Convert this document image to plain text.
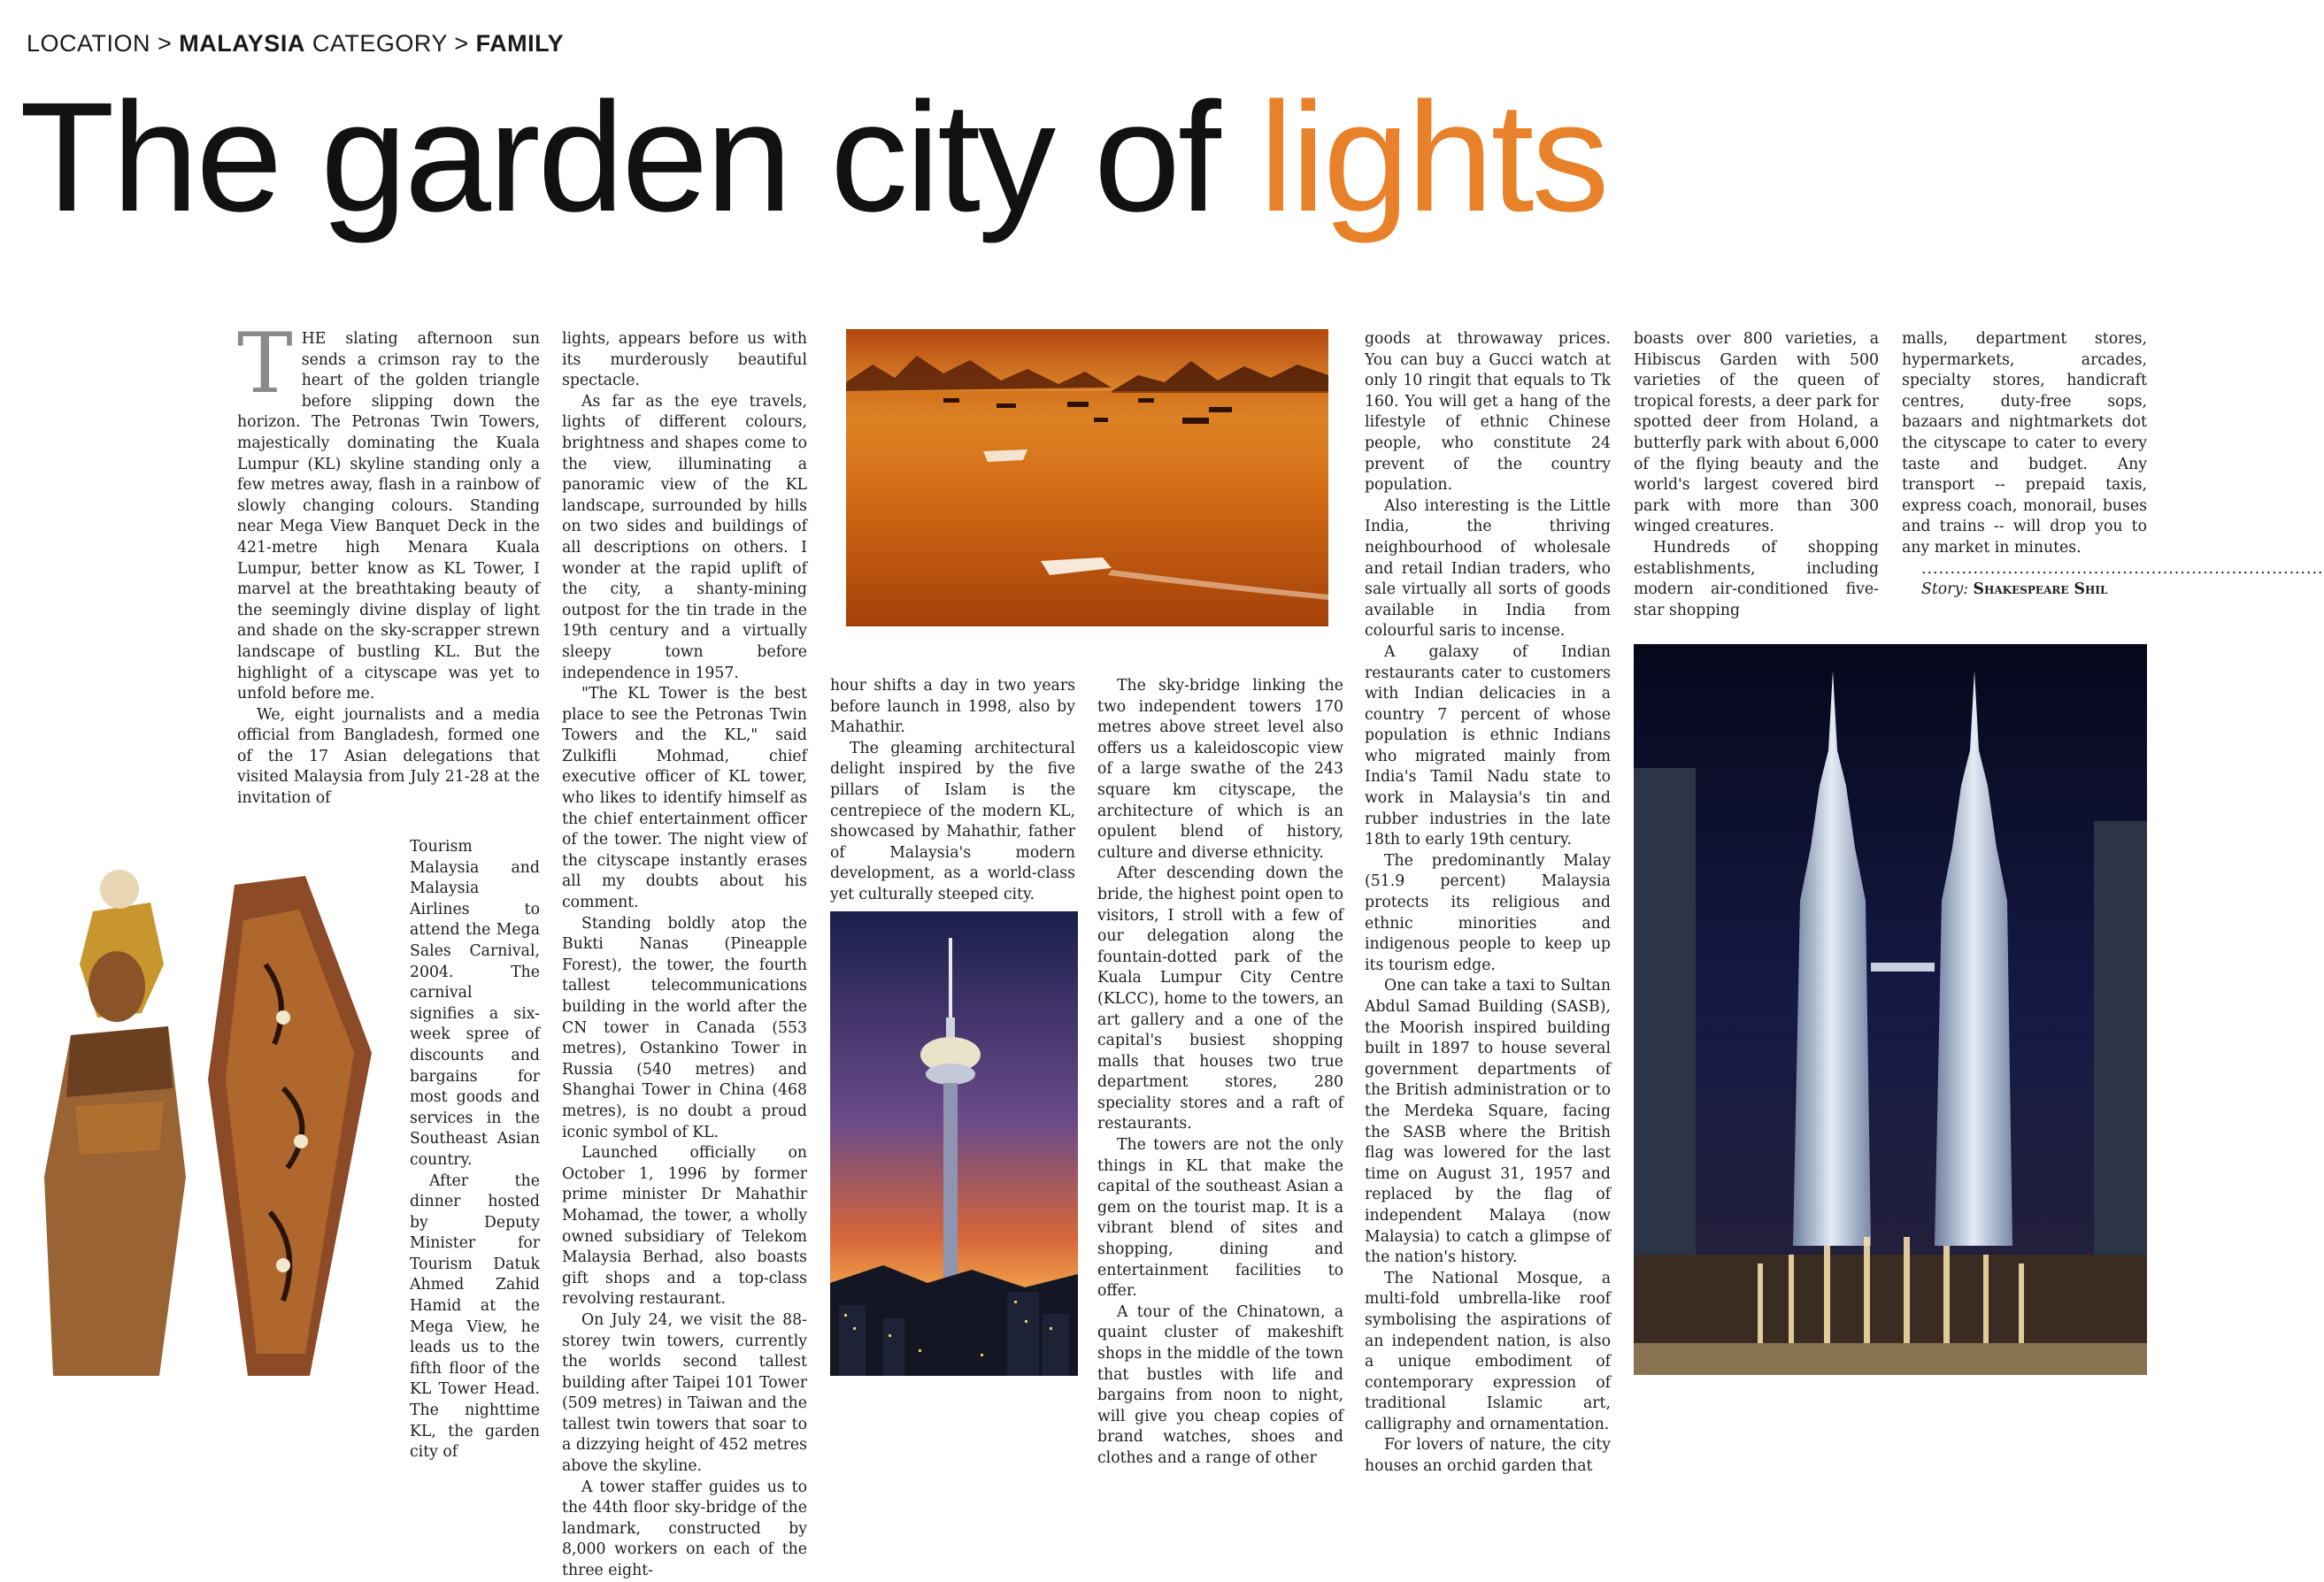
LOCATION > MALAYSIA CATEGORY > FAMILY
The garden city of lights

THE slating afternoon sun sends a crimson ray to the heart of the golden triangle before slipping down the horizon. The Petronas Twin Towers, majestically dominating the Kuala Lumpur (KL) skyline standing only a few metres away, flash in a rainbow of slowly changing colours. Standing near Mega View Banquet Deck in the 421-metre high Menara Kuala Lumpur, better know as KL Tower, I marvel at the breathtaking beauty of the seemingly divine display of light and shade on the sky-scrapper strewn landscape of bustling KL. But the highlight of a cityscape was yet to unfold before me.

We, eight journalists and a media official from Bangladesh, formed one of the 17 Asian delegations that visited Malaysia from July 21-28 at the invitation of

Tourism Malaysia and Malaysia Airlines to attend the Mega Sales Carnival, 2004. The carnival signifies a six-week spree of discounts and bargains for most goods and services in the Southeast Asian country.

After the dinner hosted by Deputy Minister for Tourism Datuk Ahmed Zahid Hamid at the Mega View, he leads us to the fifth floor of the KL Tower Head. The nighttime KL, the garden city of

lights, appears before us with its murderously beautiful spectacle.

As far as the eye travels, lights of different colours, brightness and shapes come to the view, illuminating a panoramic view of the KL landscape, surrounded by hills on two sides and buildings of all descriptions on others. I wonder at the rapid uplift of the city, a shanty-mining outpost for the tin trade in the 19th century and a virtually sleepy town before independence in 1957.

"The KL Tower is the best place to see the Petronas Twin Towers and the KL," said Zulkifli Mohmad, chief executive officer of KL tower, who likes to identify himself as the chief entertainment officer of the tower. The night view of the cityscape instantly erases all my doubts about his comment.

Standing boldly atop the Bukti Nanas (Pineapple Forest), the tower, the fourth tallest telecommunications building in the world after the CN tower in Canada (553 metres), Ostankino Tower in Russia (540 metres) and Shanghai Tower in China (468 metres), is no doubt a proud iconic symbol of KL.

Launched officially on October 1, 1996 by former prime minister Dr Mahathir Mohamad, the tower, a wholly owned subsidiary of Telekom Malaysia Berhad, also boasts gift shops and a top-class revolving restaurant.

On July 24, we visit the 88-storey twin towers, currently the worlds second tallest building after Taipei 101 Tower (509 metres) in Taiwan and the tallest twin towers that soar to a dizzying height of 452 metres above the skyline.

A tower staffer guides us to the 44th floor sky-bridge of the landmark, constructed by 8,000 workers on each of the three eight-

hour shifts a day in two years before launch in 1998, also by Mahathir.

The gleaming architectural delight inspired by the five pillars of Islam is the centrepiece of the modern KL, showcased by Mahathir, father of Malaysia's modern development, as a world-class yet culturally steeped city.

The sky-bridge linking the two independent towers 170 metres above street level also offers us a kaleidoscopic view of a large swathe of the 243 square km cityscape, the architecture of which is an opulent blend of history, culture and diverse ethnicity.

After descending down the bride, the highest point open to visitors, I stroll with a few of our delegation along the fountain-dotted park of the Kuala Lumpur City Centre (KLCC), home to the towers, an art gallery and a one of the capital's busiest shopping malls that houses two true department stores, 280 speciality stores and a raft of restaurants.

The towers are not the only things in KL that make the capital of the southeast Asian a gem on the tourist map. It is a vibrant blend of sites and shopping, dining and entertainment facilities to offer.

A tour of the Chinatown, a quaint cluster of makeshift shops in the middle of the town that bustles with life and bargains from noon to night, will give you cheap copies of brand watches, shoes and clothes and a range of other

goods at throwaway prices. You can buy a Gucci watch at only 10 ringit that equals to Tk 160. You will get a hang of the lifestyle of ethnic Chinese people, who constitute 24 prevent of the country population.

Also interesting is the Little India, the thriving neighbourhood of wholesale and retail Indian traders, who sale virtually all sorts of goods available in India from colourful saris to incense.

A galaxy of Indian restaurants cater to customers with Indian delicacies in a country 7 percent of whose population is ethnic Indians who migrated mainly from India's Tamil Nadu state to work in Malaysia's tin and rubber industries in the late 18th to early 19th century.

The predominantly Malay (51.9 percent) Malaysia protects its religious and ethnic minorities and indigenous people to keep up its tourism edge.

One can take a taxi to Sultan Abdul Samad Building (SASB), the Moorish inspired building built in 1897 to house several government departments of the British administration or to the Merdeka Square, facing the SASB where the British flag was lowered for the last time on August 31, 1957 and replaced by the flag of independent Malaya (now Malaysia) to catch a glimpse of the nation's history.

The National Mosque, a multi-fold umbrella-like roof symbolising the aspirations of an independent nation, is also a unique embodiment of contemporary expression of traditional Islamic art, calligraphy and ornamentation.

For lovers of nature, the city houses an orchid garden that

boasts over 800 varieties, a Hibiscus Garden with 500 varieties of the queen of tropical forests, a deer park for spotted deer from Holand, a butterfly park with about 6,000 of the flying beauty and the world's largest covered bird park with more than 300 winged creatures.

Hundreds of shopping establishments, including modern air-conditioned five-star shopping

malls, department stores, hypermarkets, arcades, specialty stores, handicraft centres, duty-free sops, bazaars and nightmarkets dot the cityscape to cater to every taste and budget. Any transport -- prepaid taxis, express coach, monorail, buses and trains -- will drop you to any market in minutes.

......................................................................

Story: Shakespeare Shil
